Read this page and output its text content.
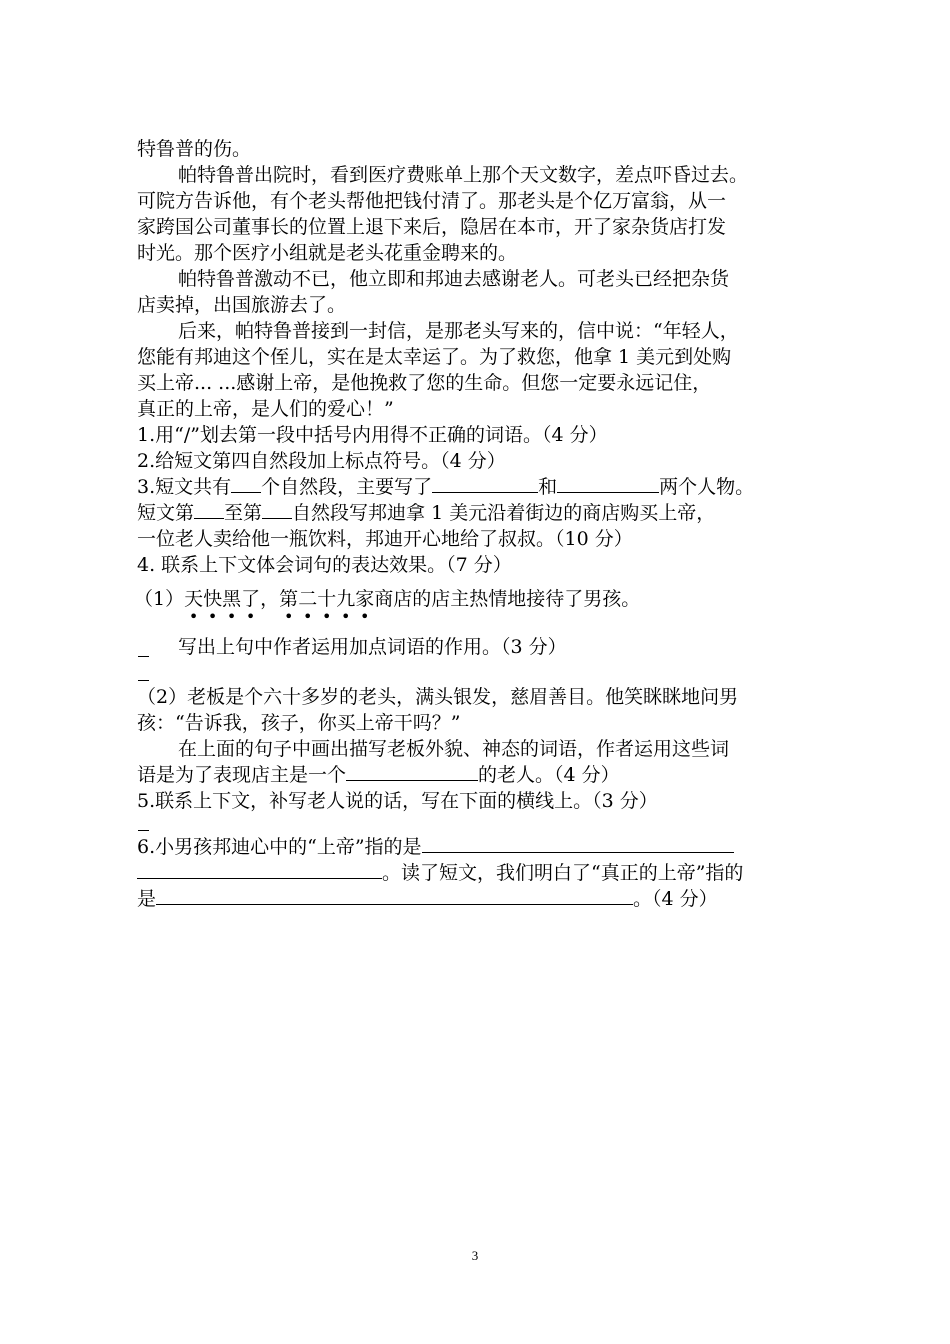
特鲁普的伤。
帕特鲁普出院时，看到医疗费账单上那个天文数字，差点吓昏过去。
可院方告诉他，有个老头帮他把钱付清了。那老头是个亿万富翁，从一
家跨国公司董事长的位置上退下来后，隐居在本市，开了家杂货店打发
时光。那个医疗小组就是老头花重金聘来的。
帕特鲁普激动不已，他立即和邦迪去感谢老人。可老头已经把杂货
店卖掉，出国旅游去了。
后来，帕特鲁普接到一封信，是那老头写来的，信中说：“年轻人，
您能有邦迪这个侄儿，实在是太幸运了。为了救您，他拿 1 美元到处购
买上帝... ...感谢上帝，是他挽救了您的生命。但您一定要永远记住，
真正的上帝，是人们的爱心！”
1.用“/”划去第一段中括号内用得不正确的词语。（4 分）
2.给短文第四自然段加上标点符号。（4 分）
3.短文共有 个自然段，主要写了	和	两个人物。
短文第 至第 自然段写邦迪拿 1 美元沿着街边的商店购买上帝，
一位老人卖给他一瓶饮料，邦迪开心地给了叔叔。（10 分）
4. 联系上下文体会词句的表达效果。（7 分）
（1）天
•
快
•
黑
•
了
•
，第
•
二
•
十
•
九
•
家
•
商店的店主热情地接待了男孩。
写出上句中作者运用加点词语的作用。（3 分）
（2）老板是个六十多岁的老头，满头银发，慈眉善目。他笑眯眯地问男
孩：“告诉我，孩子，你买上帝干吗？”
在上面的句子中画出描写老板外貌、神态的词语，作者运用这些词
语是为了表现店主是一个	的老人。（4 分）
5.联系上下文，补写老人说的话，写在下面的横线上。（3 分）
6.小男孩邦迪心中的“上帝”指的是
。读了短文，我们明白了“真正的上帝”指的
是	。（4 分）
3
